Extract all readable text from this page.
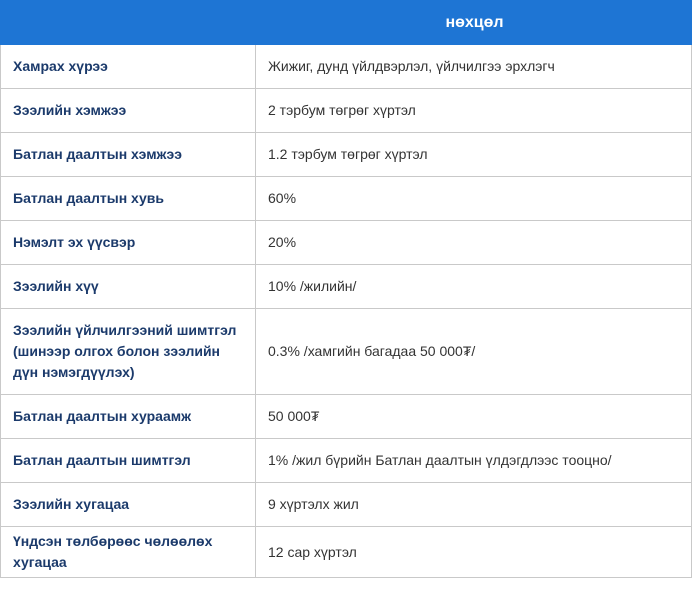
	нөхцөл
Хамрах хүрээ	Жижиг, дунд үйлдвэрлэл, үйлчилгээ эрхлэгч
Зээлийн хэмжээ	2 тэрбум төгрөг хүртэл
Батлан даалтын хэмжээ	1.2 тэрбум төгрөг хүртэл
Батлан даалтын хувь	60%
Нэмэлт эх үүсвэр	20%
Зээлийн хүү	10% /жилийн/
Зээлийн үйлчилгээний шимтгэл (шинээр олгох болон зээлийн дүн нэмэгдүүлэх)	0.3% /хамгийн багадаа 50 000₮/
Батлан даалтын хураамж	50 000₮
Батлан даалтын шимтгэл	1% /жил бүрийн Батлан даалтын үлдэгдлээс тооцно/
Зээлийн хугацаа	9 хүртэлх жил
Үндсэн төлбөрөөс чөлөөлөх хугацаа	12 сар хүртэл
